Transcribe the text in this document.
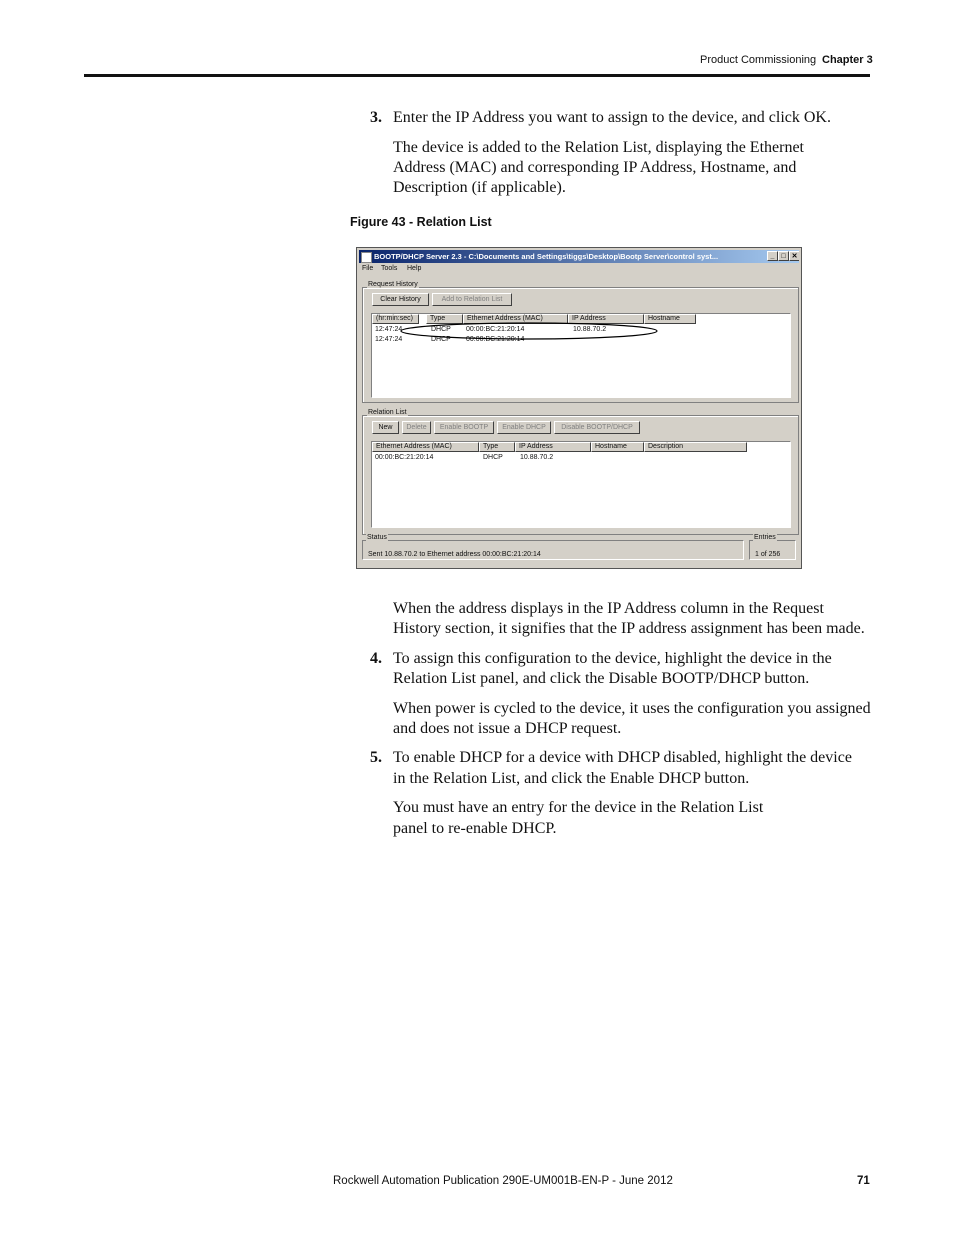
Product Commissioning Chapter 3
3. Enter the IP Address you want to assign to the device, and click OK.
The device is added to the Relation List, displaying the Ethernet
Address (MAC) and corresponding IP Address, Hostname, and
Description (if applicable).
Figure 43 - Relation List
BOOTP/DHCP Server 2.3 - C:\Documents and Settings\tiggs\Desktop\Bootp Server\control syst...	_ □ ✕
File Tools Help
Request History
Clear History	Add to Relation List
(hr:min:sec)	Type	Ethernet Address (MAC)	IP Address	Hostname
12:47:24	DHCP 00:00:BC:21:20:14	10.88.70.2
12:47:24	DHCP 00:00:BC:21:20:14
Relation List
New	Delete	Enable BOOTP	Enable DHCP	Disable BOOTP/DHCP
Ethernet Address (MAC)	Type	IP Address	Hostname	Description
00:00:BC:21:20:14	DHCP 10.88.70.2
Sent 10.88.70.2 to Ethernet address 00:00:BC:21:20:14
Status
1 of 256
Entries
When the address displays in the IP Address column in the Request
History section, it signifies that the IP address assignment has been made.
4. To assign this configuration to the device, highlight the device in the
Relation List panel, and click the Disable BOOTP/DHCP button.
When power is cycled to the device, it uses the configuration you assigned
and does not issue a DHCP request.
5. To enable DHCP for a device with DHCP disabled, highlight the device
in the Relation List, and click the Enable DHCP button.
You must have an entry for the device in the Relation List
panel to re-enable DHCP.
Rockwell Automation Publication 290E-UM001B-EN-P - June 2012	71
